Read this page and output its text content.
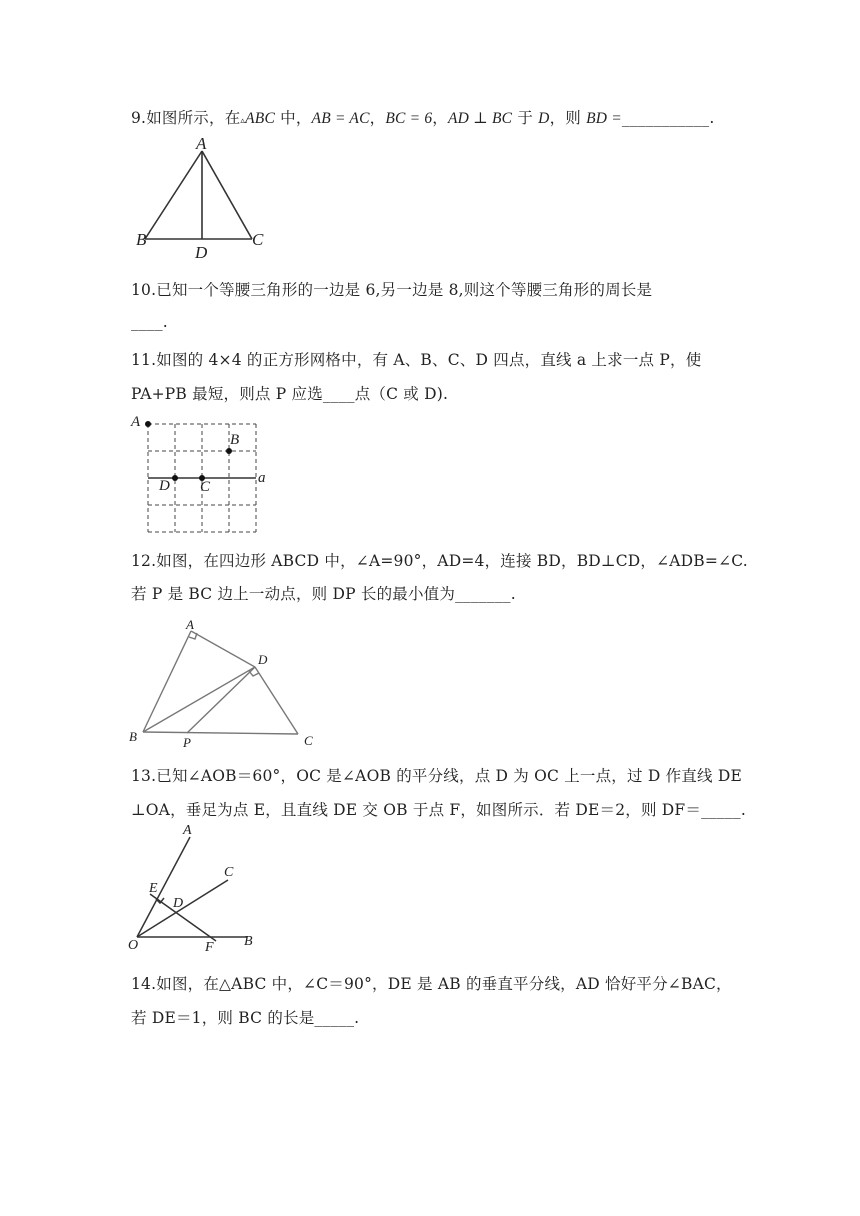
9.如图所示，在▵ABC 中，AB = AC，BC = 6，AD ⊥ BC 于 D，则 BD =___________.
A
B	C
D
10.已知一个等腰三角形的一边是 6,另一边是 8,则这个等腰三角形的周长是
____.
11.如图的 4×4 的正方形网格中，有 A、B、C、D 四点，直线 a 上求一点 P，使
PA+PB 最短，则点 P 应选____点（C 或 D).
A
B
D C
a
12.如图，在四边形 ABCD 中，∠A=90°，AD=4，连接 BD，BD⊥CD，∠ADB=∠C.
若 P 是 BC 边上一动点，则 DP 长的最小值为_______.
A
D
B	P	C
13.已知∠AOB＝60°，OC 是∠AOB 的平分线，点 D 为 OC 上一点，过 D 作直线 DE
⊥OA，垂足为点 E，且直线 DE 交 OB 于点 F，如图所示．若 DE＝2，则 DF＝_____.
A
C
E
D
O	F B
14.如图，在△ABC 中，∠C＝90°，DE 是 AB 的垂直平分线，AD 恰好平分∠BAC，
若 DE＝1，则 BC 的长是_____.
